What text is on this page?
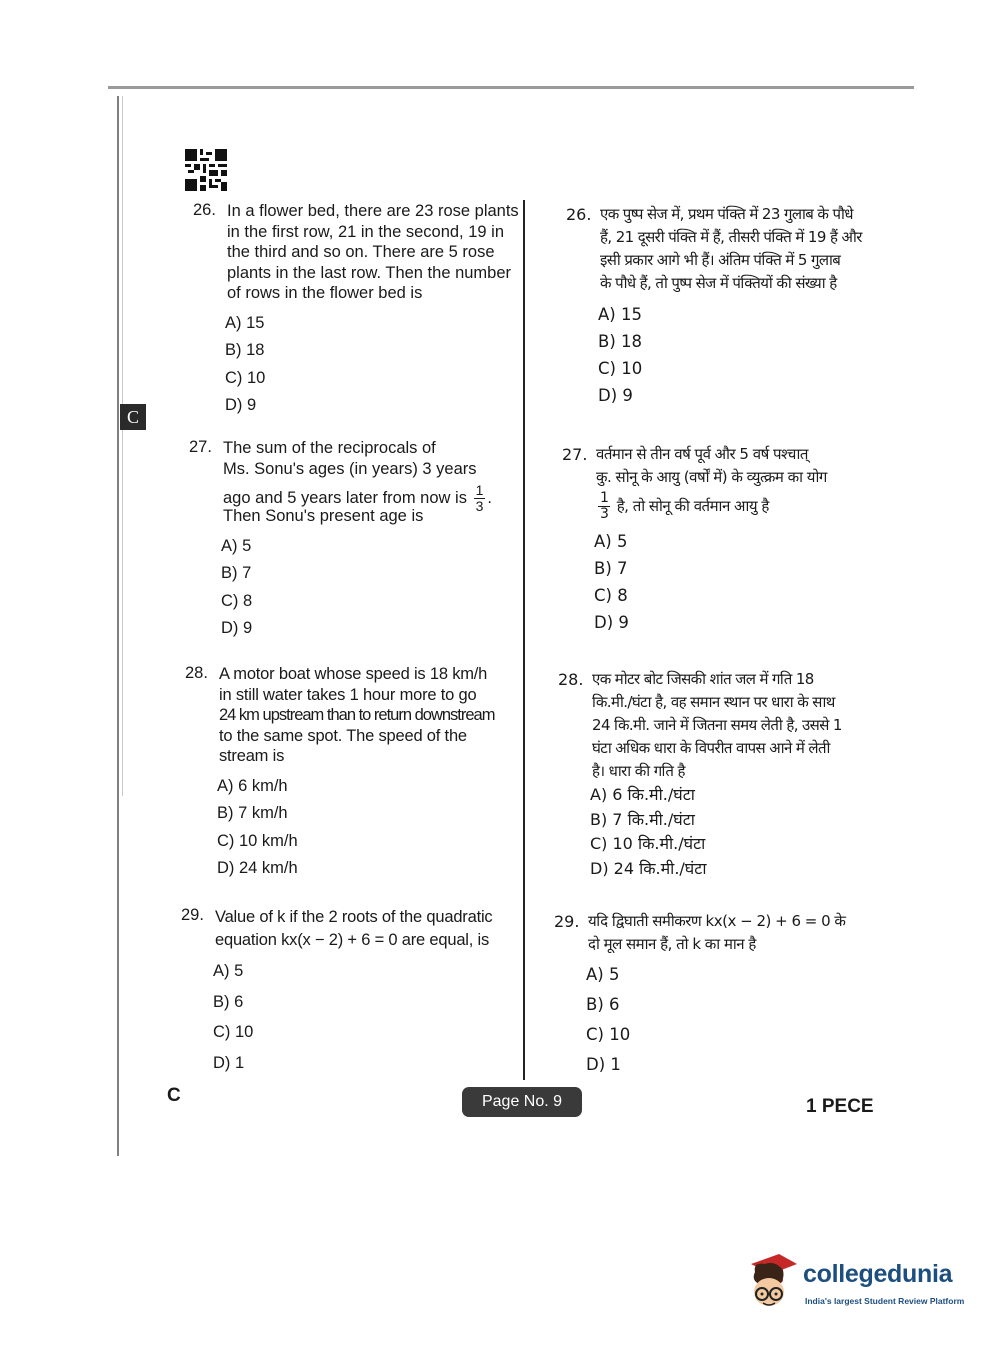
C
26. In a flower bed, there are 23 rose plants
in the first row, 21 in the second, 19 in
the third and so on. There are 5 rose
plants in the last row. Then the number
of rows in the flower bed is
A) 15
B) 18
C) 10
D) 9
27. The sum of the reciprocals of
Ms. Sonu's ages (in years) 3 years
ago and 5 years later from now is $\frac{1}{3}$ .
Then Sonu's present age is
A) 5
B) 7
C) 8
D) 9
28. A motor boat whose speed is 18 km/h
in still water takes 1 hour more to go
24 km upstream than to return downstream
to the same spot. The speed of the
stream is
A) 6 km/h
B) 7 km/h
C) 10 km/h
D) 24 km/h
29. Value of k if the 2 roots of the quadratic
equation kx(x − 2) + 6 = 0 are equal, is
A) 5
B) 6
C) 10
D) 1
26. एक पुष्प सेज में, प्रथम पंक्ति में 23 गुलाब के पौधे
हैं, 21 दूसरी पंक्ति में हैं, तीसरी पंक्ति में 19 हैं और
इसी प्रकार आगे भी हैं। अंतिम पंक्ति में 5 गुलाब
के पौधे हैं, तो पुष्प सेज में पंक्तियों की संख्या है
A) 15
B) 18
C) 10
D) 9
27. वर्तमान से तीन वर्ष पूर्व और 5 वर्ष पश्चात्
कु. सोनू के आयु (वर्षों में) के व्युत्क्रम का योग
$\frac{1}{3}$ है, तो सोनू की वर्तमान आयु है
A) 5
B) 7
C) 8
D) 9
28. एक मोटर बोट जिसकी शांत जल में गति 18
कि.मी./घंटा है, वह समान स्थान पर धारा के साथ
24 कि.मी. जाने में जितना समय लेती है, उससे 1
घंटा अधिक धारा के विपरीत वापस आने में लेती
है। धारा की गति है
A) 6 कि.मी./घंटा
B) 7 कि.मी./घंटा
C) 10 कि.मी./घंटा
D) 24 कि.मी./घंटा
29. यदि द्विघाती समीकरण kx(x − 2) + 6 = 0 के
दो मूल समान हैं, तो k का मान है
A) 5
B) 6
C) 10
D) 1
C	Page No. 9	1 PECE
collegedunia
India's largest Student Review Platform
